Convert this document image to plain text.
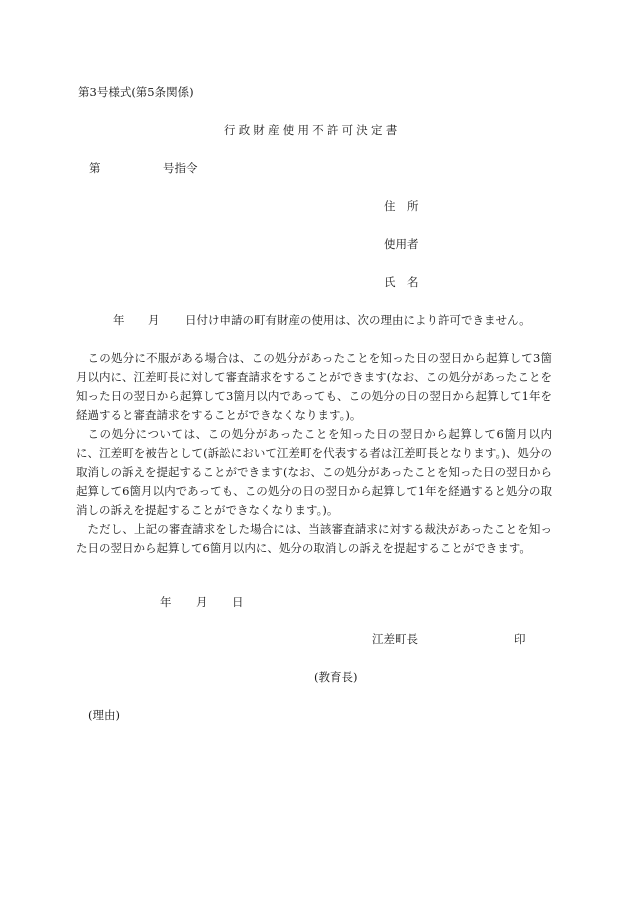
第3号様式(第5条関係)
行政財産使用不許可決定書
第	号指令
住　所
使用者
氏　名
年 月 日付け申請の町有財産の使用は、次の理由により許可できません。

この処分に不服がある場合は、この処分があったことを知った日の翌日から起算して3箇月以内に、江差町長に対して審査請求をすることができます(なお、この処分があったことを知った日の翌日から起算して3箇月以内であっても、この処分の日の翌日から起算して1年を経過すると審査請求をすることができなくなります。)。

この処分については、この処分があったことを知った日の翌日から起算して6箇月以内に、江差町を被告として(訴訟において江差町を代表する者は江差町長となります。)、処分の取消しの訴えを提起することができます(なお、この処分があったことを知った日の翌日から起算して6箇月以内であっても、この処分の日の翌日から起算して1年を経過すると処分の取消しの訴えを提起することができなくなります。)。

ただし、上記の審査請求をした場合には、当該審査請求に対する裁決があったことを知った日の翌日から起算して6箇月以内に、処分の取消しの訴えを提起することができます。

年 月 日
江差町長	印
(教育長)
(理由)
